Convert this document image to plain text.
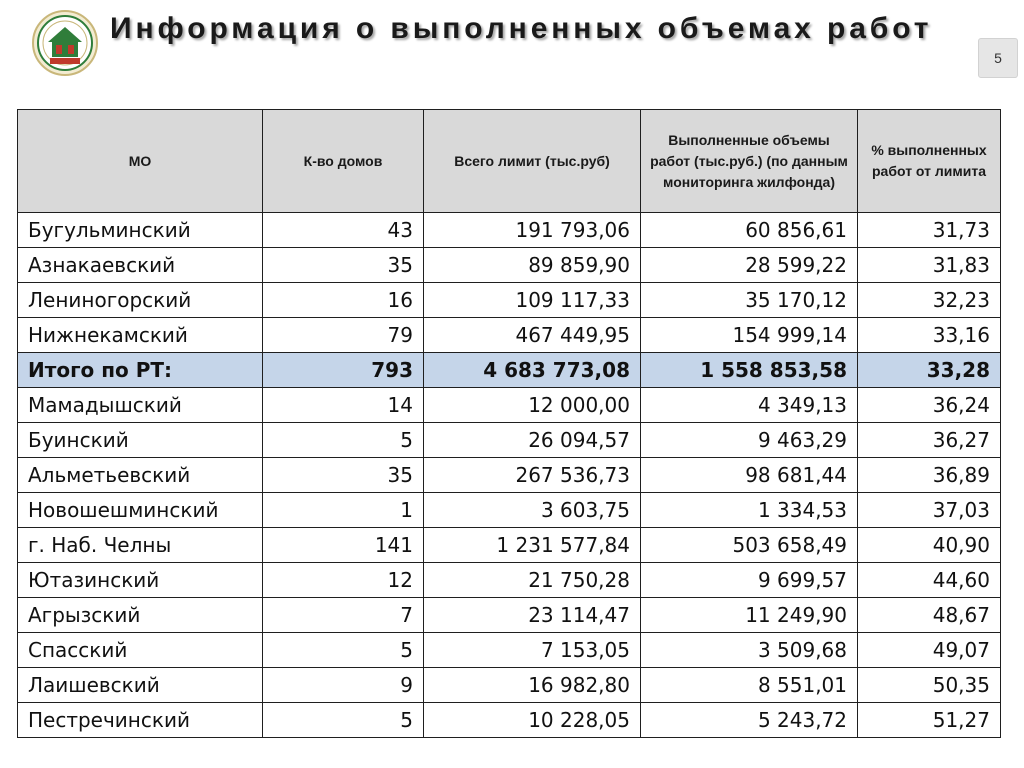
Информация о выполненных объемах работ
5
МО	К-во домов	Всего лимит (тыс.руб)	Выполненные объемы работ (тыс.руб.) (по данным мониторинга жилфонда)	% выполненных работ от лимита
Бугульминский	43	191 793,06	60 856,61	31,73
Азнакаевский	35	89 859,90	28 599,22	31,83
Лениногорский	16	109 117,33	35 170,12	32,23
Нижнекамский	79	467 449,95	154 999,14	33,16
Итого по РТ:	793	4 683 773,08	1 558 853,58	33,28
Мамадышский	14	12 000,00	4 349,13	36,24
Буинский	5	26 094,57	9 463,29	36,27
Альметьевский	35	267 536,73	98 681,44	36,89
Новошешминский	1	3 603,75	1 334,53	37,03
г. Наб. Челны	141	1 231 577,84	503 658,49	40,90
Ютазинский	12	21 750,28	9 699,57	44,60
Агрызский	7	23 114,47	11 249,90	48,67
Спасский	5	7 153,05	3 509,68	49,07
Лаишевский	9	16 982,80	8 551,01	50,35
Пестречинский	5	10 228,05	5 243,72	51,27
